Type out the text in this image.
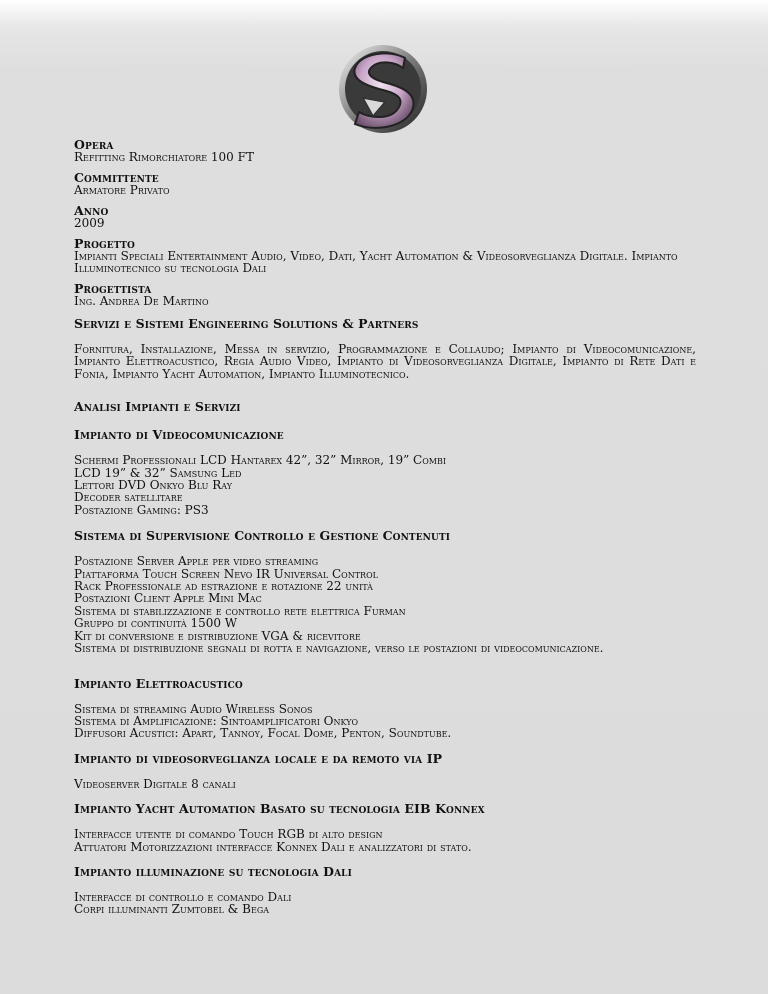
Opera

Refitting Rimorchiatore 100 FT

Committente

Armatore Privato

Anno

2009

Progetto

Impianti Speciali Entertainment Audio, Video, Dati, Yacht Automation & Videosorveglianza Digitale. Impianto Illuminotecnico su tecnologia Dali

Progettista

Ing. Andrea De Martino

Servizi e Sistemi Engineering Solutions & Partners

Fornitura, Installazione, Messa in servizio, Programmazione e Collaudo; Impianto di Videocomunicazione, Impianto Elettroacustico, Regia Audio Video, Impianto di Videosorveglianza Digitale, Impianto di Rete Dati e Fonia, Impianto Yacht Automation, Impianto Illuminotecnico.

Analisi Impianti e Servizi

Impianto di Videocomunicazione

Schermi Professionali LCD Hantarex 42”, 32” Mirror, 19” Combi
LCD 19” & 32” Samsung Led
Lettori DVD Onkyo Blu Ray
Decoder satellitare
Postazione Gaming: PS3

Sistema di Supervisione Controllo e Gestione Contenuti

Postazione Server Apple per video streaming
Piattaforma Touch Screen Nevo IR Universal Control
Rack Professionale ad estrazione e rotazione 22 unità
Postazioni Client Apple Mini Mac
Sistema di stabilizzazione e controllo rete elettrica Furman
Gruppo di continuità 1500 W
Kit di conversione e distribuzione VGA & ricevitore
Sistema di distribuzione segnali di rotta e navigazione, verso le postazioni di videocomunicazione.

Impianto Elettroacustico

Sistema di streaming Audio Wireless Sonos
Sistema di Amplificazione: Sintoamplificatori Onkyo
Diffusori Acustici: Apart, Tannoy, Focal Dome, Penton, Soundtube.

Impianto di videosorveglianza locale e da remoto via IP

Videoserver Digitale 8 canali

Impianto Yacht Automation Basato su tecnologia EIB Konnex

Interfacce utente di comando Touch RGB di alto design
Attuatori Motorizzazioni interfacce Konnex Dali e analizzatori di stato.

Impianto illuminazione su tecnologia Dali

Interfacce di controllo e comando Dali
Corpi illuminanti Zumtobel & Bega
